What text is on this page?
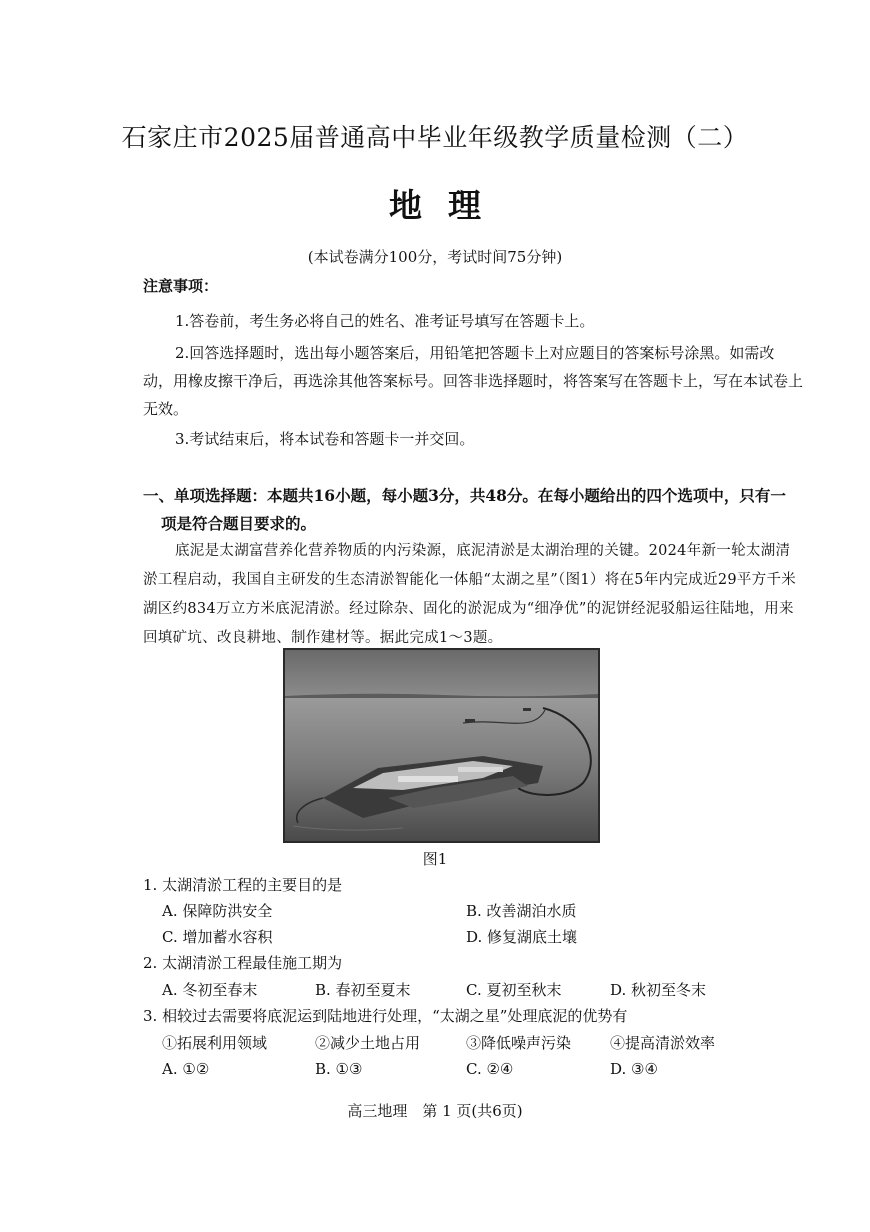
石家庄市2025届普通高中毕业年级教学质量检测（二）
地理
(本试卷满分100分，考试时间75分钟)
注意事项：
1.答卷前，考生务必将自己的姓名、准考证号填写在答题卡上。
2.回答选择题时，选出每小题答案后，用铅笔把答题卡上对应题目的答案标号涂黑。如需改动，用橡皮擦干净后，再选涂其他答案标号。回答非选择题时，将答案写在答题卡上，写在本试卷上无效。
3.考试结束后，将本试卷和答题卡一并交回。
一、单项选择题：本题共16小题，每小题3分，共48分。在每小题给出的四个选项中，只有一
项是符合题目要求的。
底泥是太湖富营养化营养物质的内污染源，底泥清淤是太湖治理的关键。2024年新一轮太湖清淤工程启动，我国自主研发的生态清淤智能化一体船“太湖之星”（图1）将在5年内完成近29平方千米湖区约834万立方米底泥清淤。经过除杂、固化的淤泥成为“细净优”的泥饼经泥驳船运往陆地，用来回填矿坑、改良耕地、制作建材等。据此完成1～3题。
图1
1. 太湖清淤工程的主要目的是
A. 保障防洪安全	B. 改善湖泊水质
C. 增加蓄水容积	D. 修复湖底土壤
2. 太湖清淤工程最佳施工期为
A. 冬初至春末	B. 春初至夏末	C. 夏初至秋末	D. 秋初至冬末
3. 相较过去需要将底泥运到陆地进行处理，“太湖之星”处理底泥的优势有
①拓展利用领域	②减少土地占用	③降低噪声污染	④提高清淤效率
A. ①②	B. ①③	C. ②④	D. ③④
高三地理　第 1 页(共6页)
